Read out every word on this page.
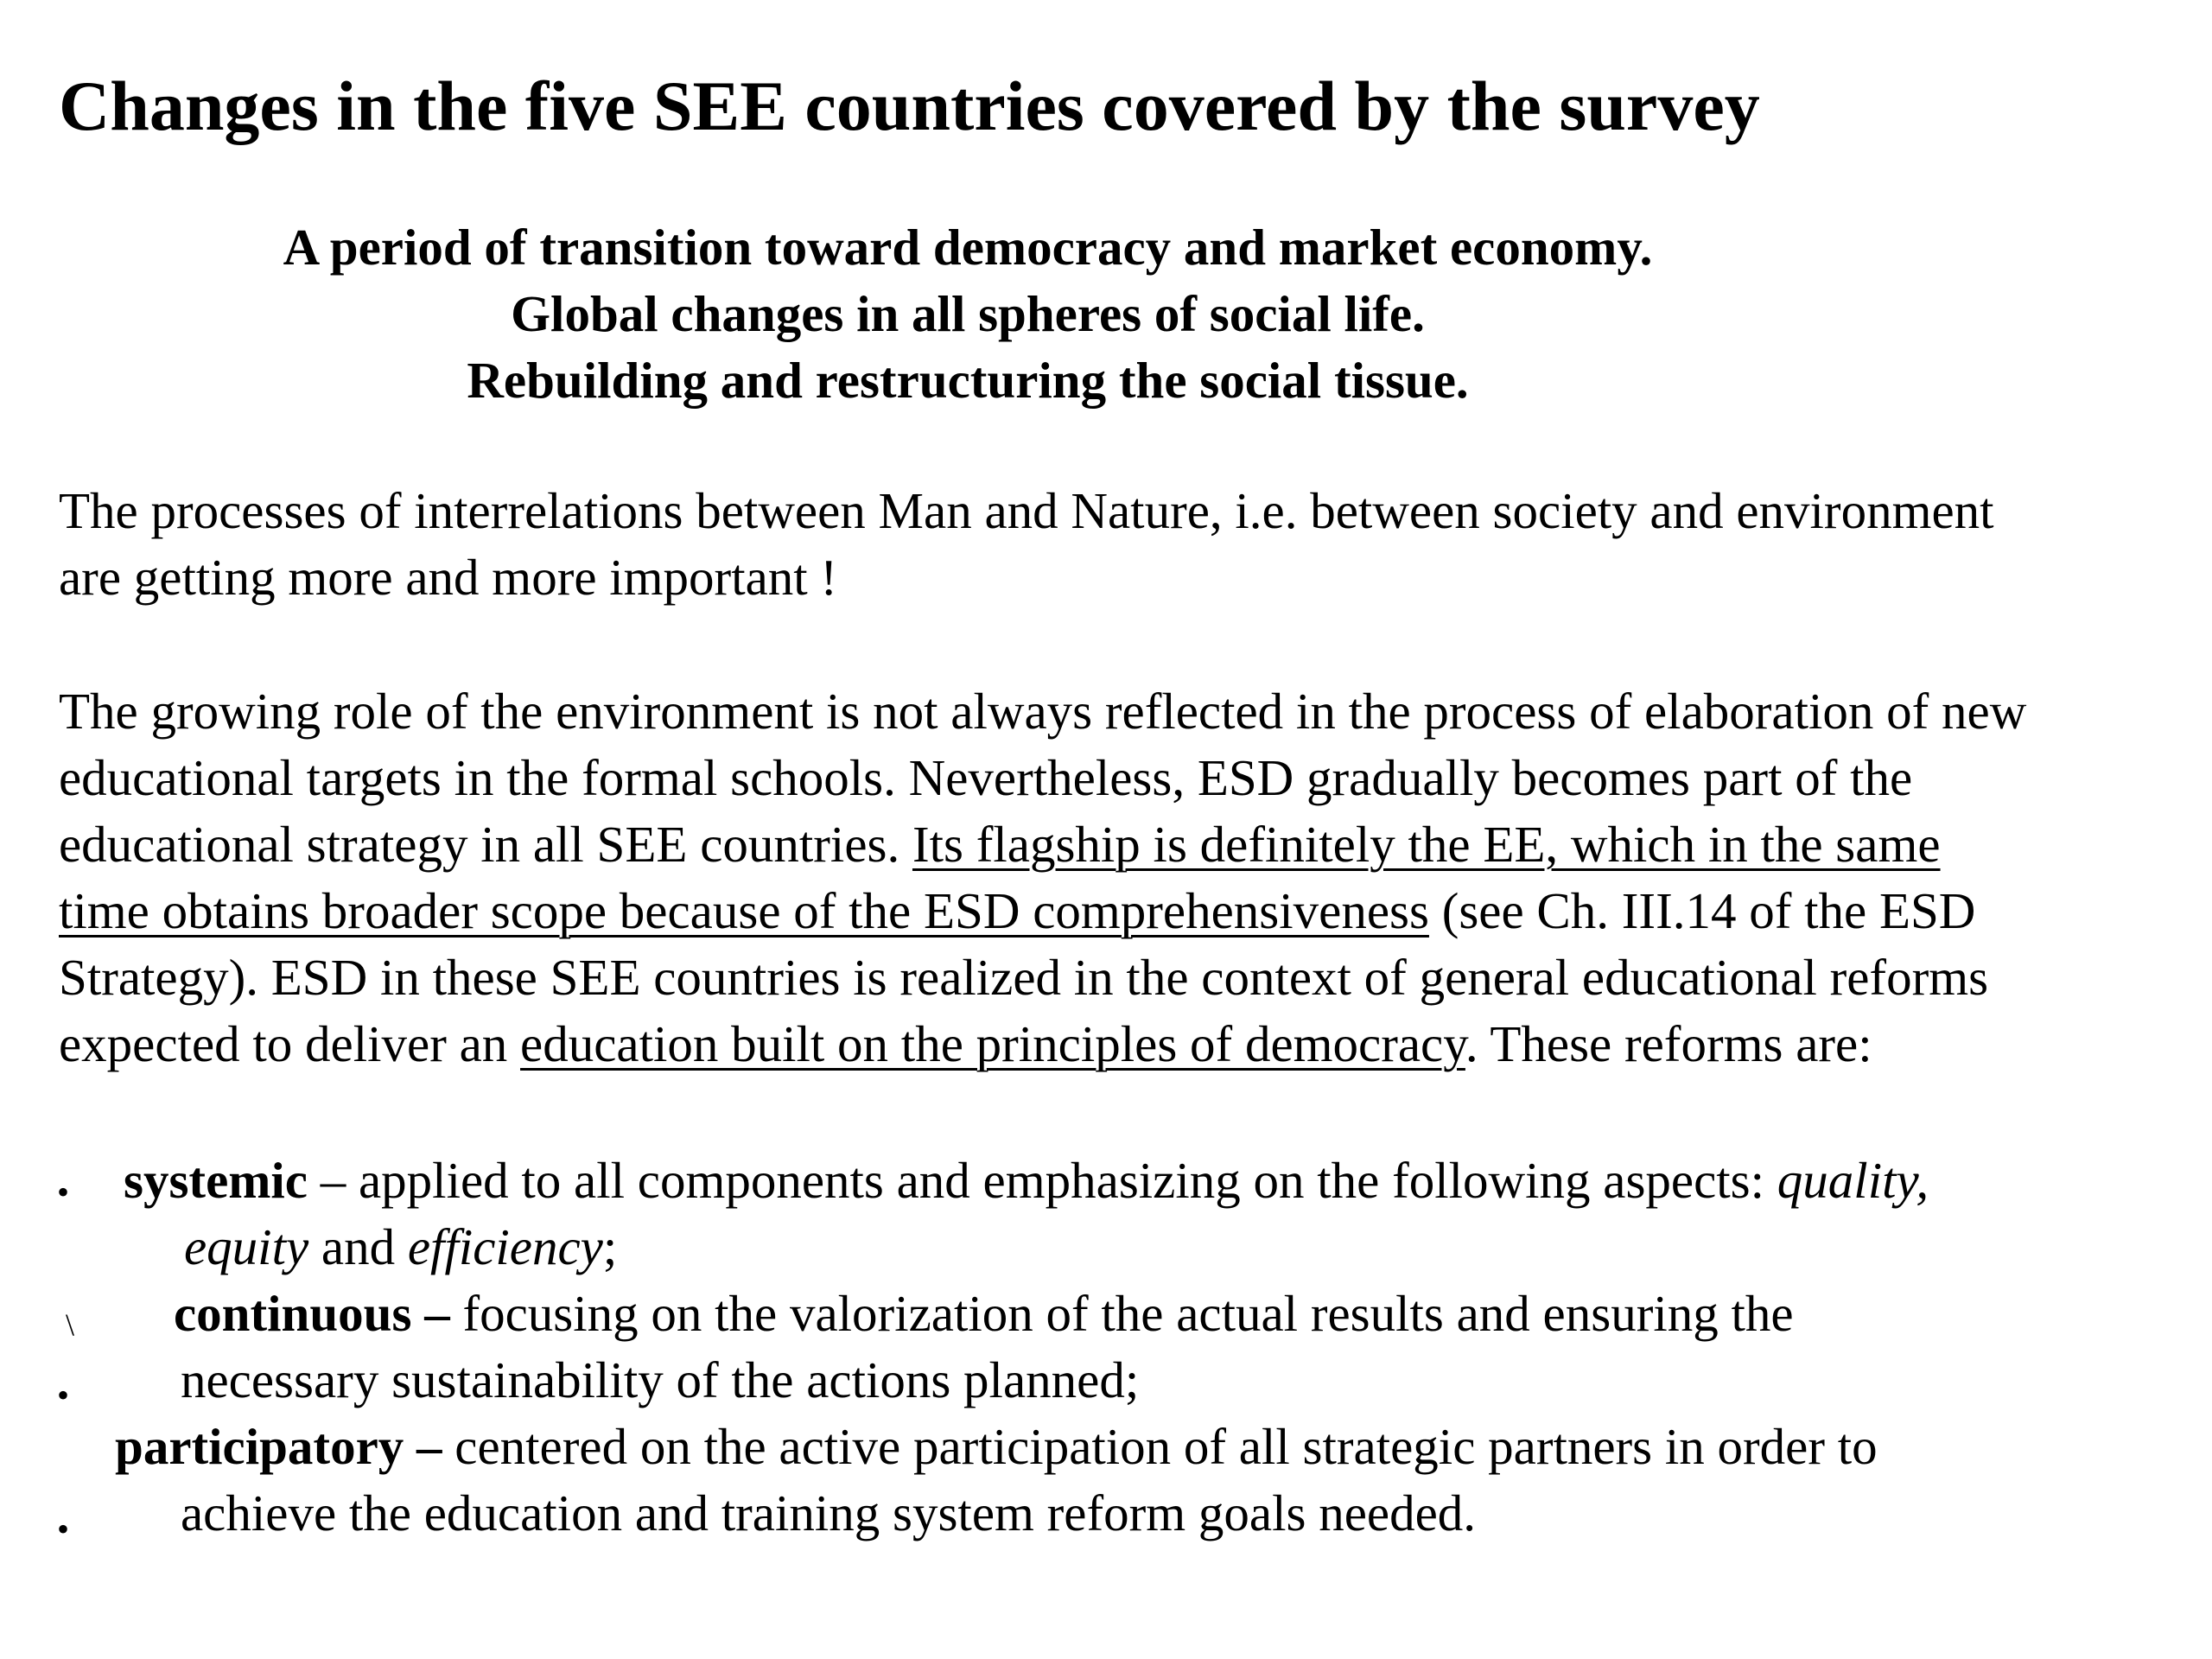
Changes in the five SEE countries covered by the survey
A period of transition toward democracy and market economy.
Global changes in all spheres of social life.
Rebuilding and restructuring the social tissue.

The processes of interrelations between Man and Nature, i.e. between society and environment
are getting more and more important !

The growing role of the environment is not always reflected in the process of elaboration of new
educational targets in the formal schools. Nevertheless, ESD gradually becomes part of the
educational strategy in all SEE countries. Its flagship is definitely the EE, which in the same
time obtains broader scope because of the ESD comprehensiveness (see Ch. III.14 of the ESD
Strategy). ESD in these SEE countries is realized in the context of general educational reforms
expected to deliver an education built on the principles of democracy. These reforms are:

•
\
•
•
systemic – applied to all components and emphasizing on the following aspects: quality,
equity and efficiency;
continuous – focusing on the valorization of the actual results and ensuring the
necessary sustainability of the actions planned;
participatory – centered on the active participation of all strategic partners in order to
achieve the education and training system reform goals needed.
